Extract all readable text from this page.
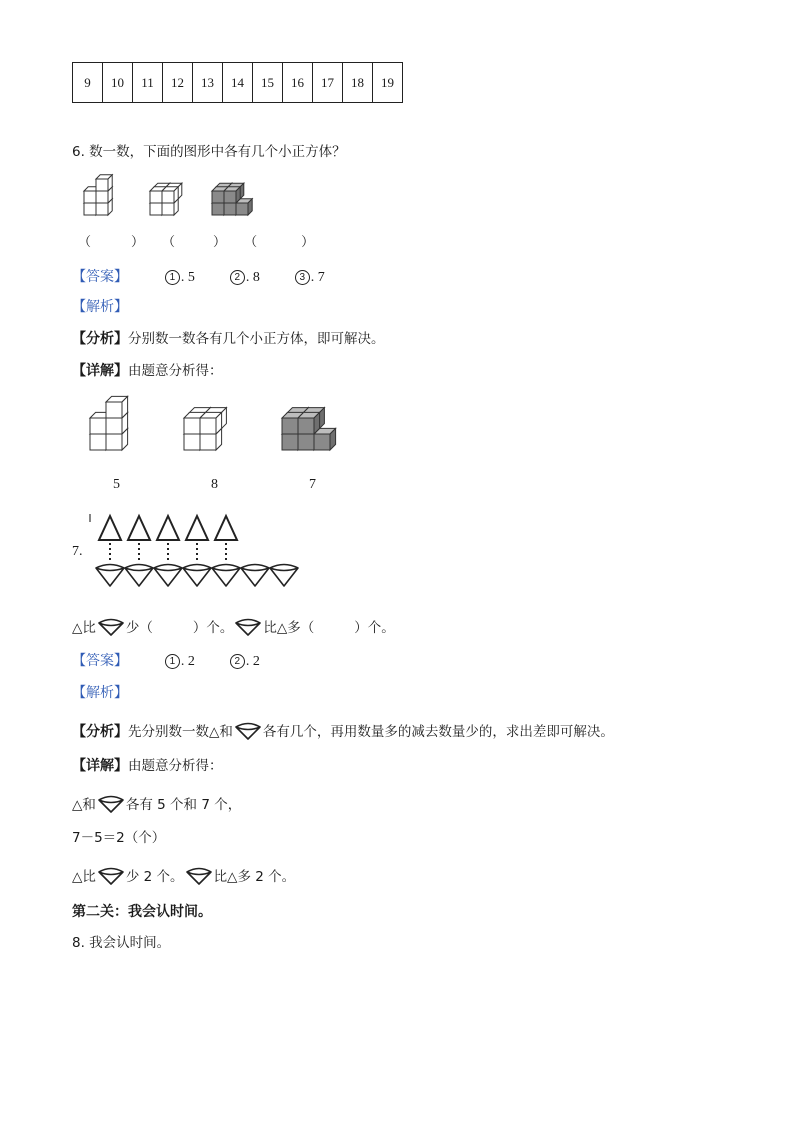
9	10	11	12	13	14	15	16	17	18	19
6. 数一数，下面的图形中各有几个小正方体？
（	） （	） （	）
【答案】	1 . 5	2 . 8	3 . 7
【解析】
【分析】分别数一数各有几个小正方体，即可解决。
【详解】由题意分析得：
5	8	7
7.
△比 少（	）个。 比△多（	）个。
【答案】	1 . 2	2 . 2
【解析】
【分析】先分别数一数△和 各有几个，再用数量多的减去数量少的，求出差即可解决。
【详解】由题意分析得：
△和 各有 5 个和 7 个，
7－5＝2（个）
△比 少 2 个。 比△多 2 个。
第二关：我会认时间。
8. 我会认时间。
